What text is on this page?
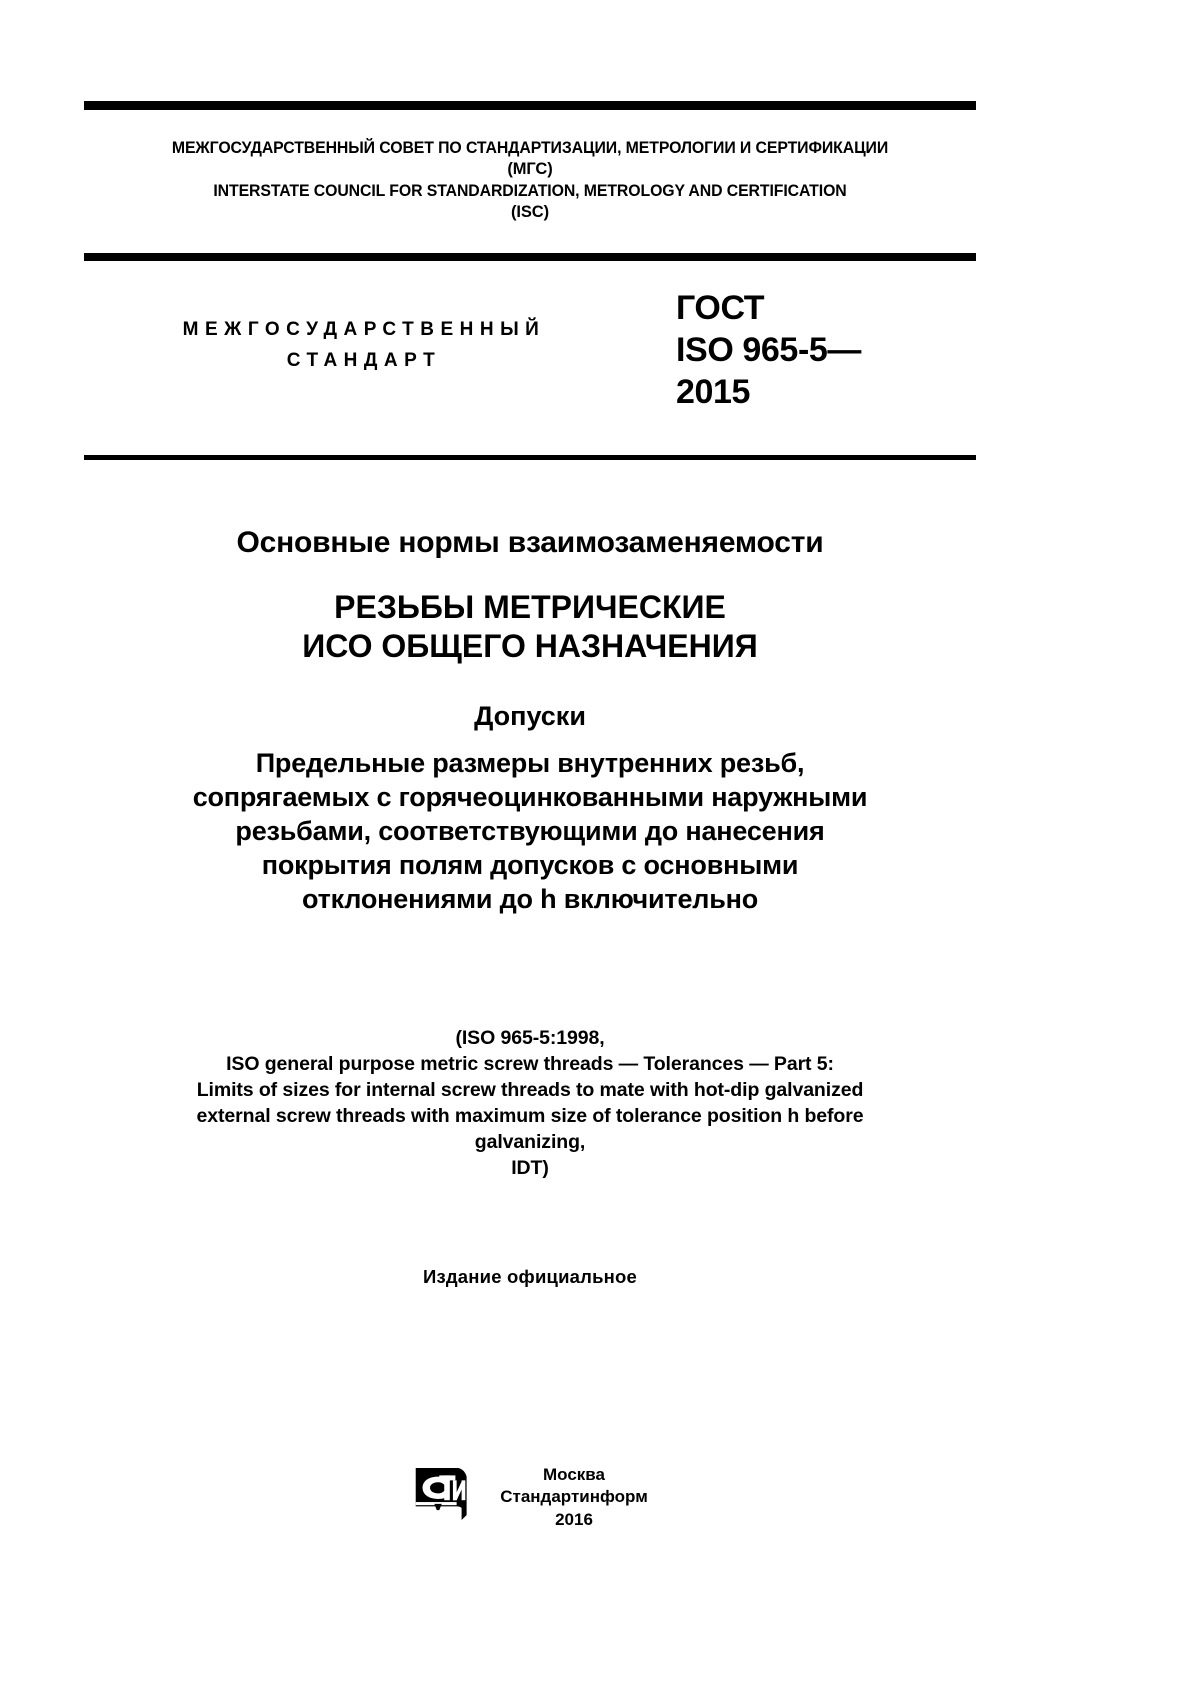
МЕЖГОСУДАРСТВЕННЫЙ СОВЕТ ПО СТАНДАРТИЗАЦИИ, МЕТРОЛОГИИ И СЕРТИФИКАЦИИ
(МГС)
INTERSTATE COUNCIL FOR STANDARDIZATION, METROLOGY AND CERTIFICATION
(ISC)
МЕЖГОСУДАРСТВЕННЫЙ
СТАНДАРТ
ГОСТ
ISO 965-5—
2015
Основные нормы взаимозаменяемости
РЕЗЬБЫ МЕТРИЧЕСКИЕ
ИСО ОБЩЕГО НАЗНАЧЕНИЯ
Допуски
Предельные размеры внутренних резьб,
сопрягаемых с горячеоцинкованными наружными
резьбами, соответствующими до нанесения
покрытия полям допусков с основными
отклонениями до h включительно
(ISO 965-5:1998,
ISO general purpose metric screw threads — Tolerances — Part 5:
Limits of sizes for internal screw threads to mate with hot-dip galvanized
external screw threads with maximum size of tolerance position h before
galvanizing,
IDT)
Издание официальное
Москва
Стандартинформ
2016
